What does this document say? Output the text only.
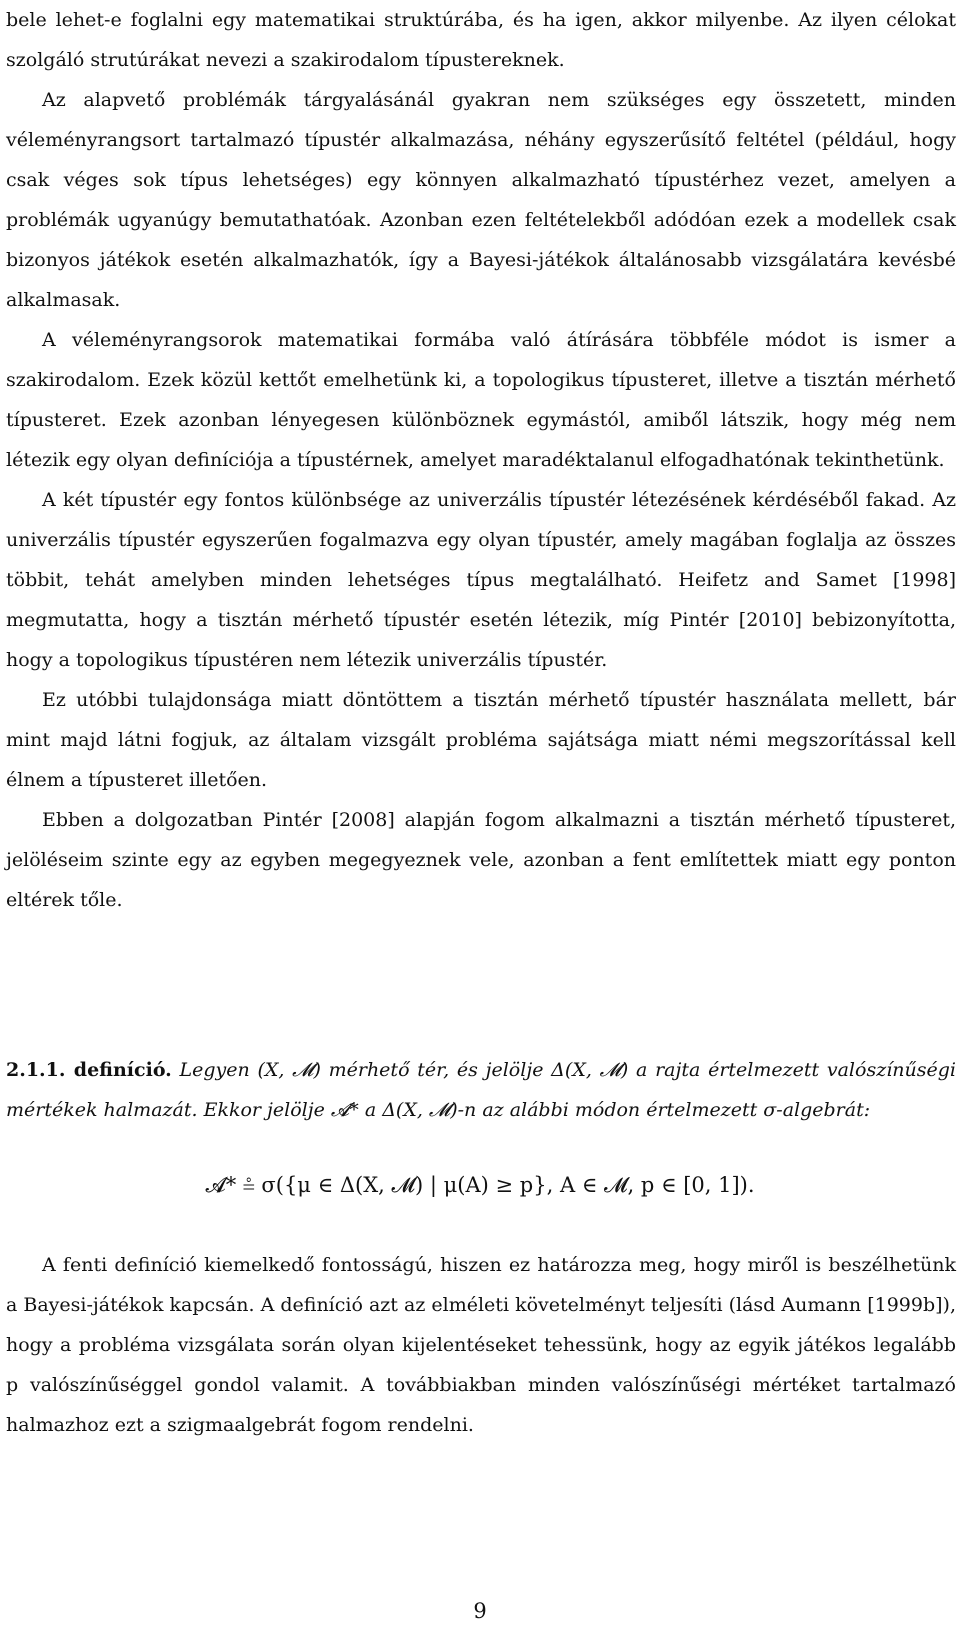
bele lehet-e foglalni egy matematikai struktúrába, és ha igen, akkor milyenbe. Az ilyen célokat szolgáló strutúrákat nevezi a szakirodalom típustereknek.

Az alapvető problémák tárgyalásánál gyakran nem szükséges egy összetett, minden véleményrangsort tartalmazó típustér alkalmazása, néhány egyszerűsítő feltétel (például, hogy csak véges sok típus lehetséges) egy könnyen alkalmazható típustérhez vezet, amelyen a problémák ugyanúgy bemutathatóak. Azonban ezen feltételekből adódóan ezek a modellek csak bizonyos játékok esetén alkalmazhatók, így a Bayesi-játékok általánosabb vizsgálatára kevésbé alkalmasak.

A véleményrangsorok matematikai formába való átírására többféle módot is ismer a szakirodalom. Ezek közül kettőt emelhetünk ki, a topologikus típusteret, illetve a tisztán mérhető típusteret. Ezek azonban lényegesen különböznek egymástól, amiből látszik, hogy még nem létezik egy olyan definíciója a típustérnek, amelyet maradéktalanul elfogadhatónak tekinthetünk.

A két típustér egy fontos különbsége az univerzális típustér létezésének kérdéséből fakad. Az univerzális típustér egyszerűen fogalmazva egy olyan típustér, amely magában foglalja az összes többit, tehát amelyben minden lehetséges típus megtalálható. Heifetz and Samet [1998] megmutatta, hogy a tisztán mérhető típustér esetén létezik, míg Pintér [2010] bebizonyította, hogy a topologikus típustéren nem létezik univerzális típustér.

Ez utóbbi tulajdonsága miatt döntöttem a tisztán mérhető típustér használata mellett, bár mint majd látni fogjuk, az általam vizsgált probléma sajátsága miatt némi megszorítással kell élnem a típusteret illetően.

Ebben a dolgozatban Pintér [2008] alapján fogom alkalmazni a tisztán mérhető típusteret, jelöléseim szinte egy az egyben megegyeznek vele, azonban a fent említettek miatt egy ponton eltérek tőle.

2.1.1. definíció. Legyen (X, 𝓜) mérhető tér, és jelölje Δ(X, 𝓜) a rajta értelmezett valószínűségi mértékek halmazát. Ekkor jelölje 𝓐* a Δ(X, 𝓜)-n az alábbi módon értelmezett σ-algebrát:

𝓐* ≗ σ({μ ∈ Δ(X, 𝓜) | μ(A) ≥ p}, A ∈ 𝓜, p ∈ [0, 1]).

A fenti definíció kiemelkedő fontosságú, hiszen ez határozza meg, hogy miről is beszélhetünk a Bayesi-játékok kapcsán. A definíció azt az elméleti követelményt teljesíti (lásd Aumann [1999b]), hogy a probléma vizsgálata során olyan kijelentéseket tehessünk, hogy az egyik játékos legalább p valószínűséggel gondol valamit. A továbbiakban minden valószínűségi mértéket tartalmazó halmazhoz ezt a szigmaalgebrát fogom rendelni.

9
